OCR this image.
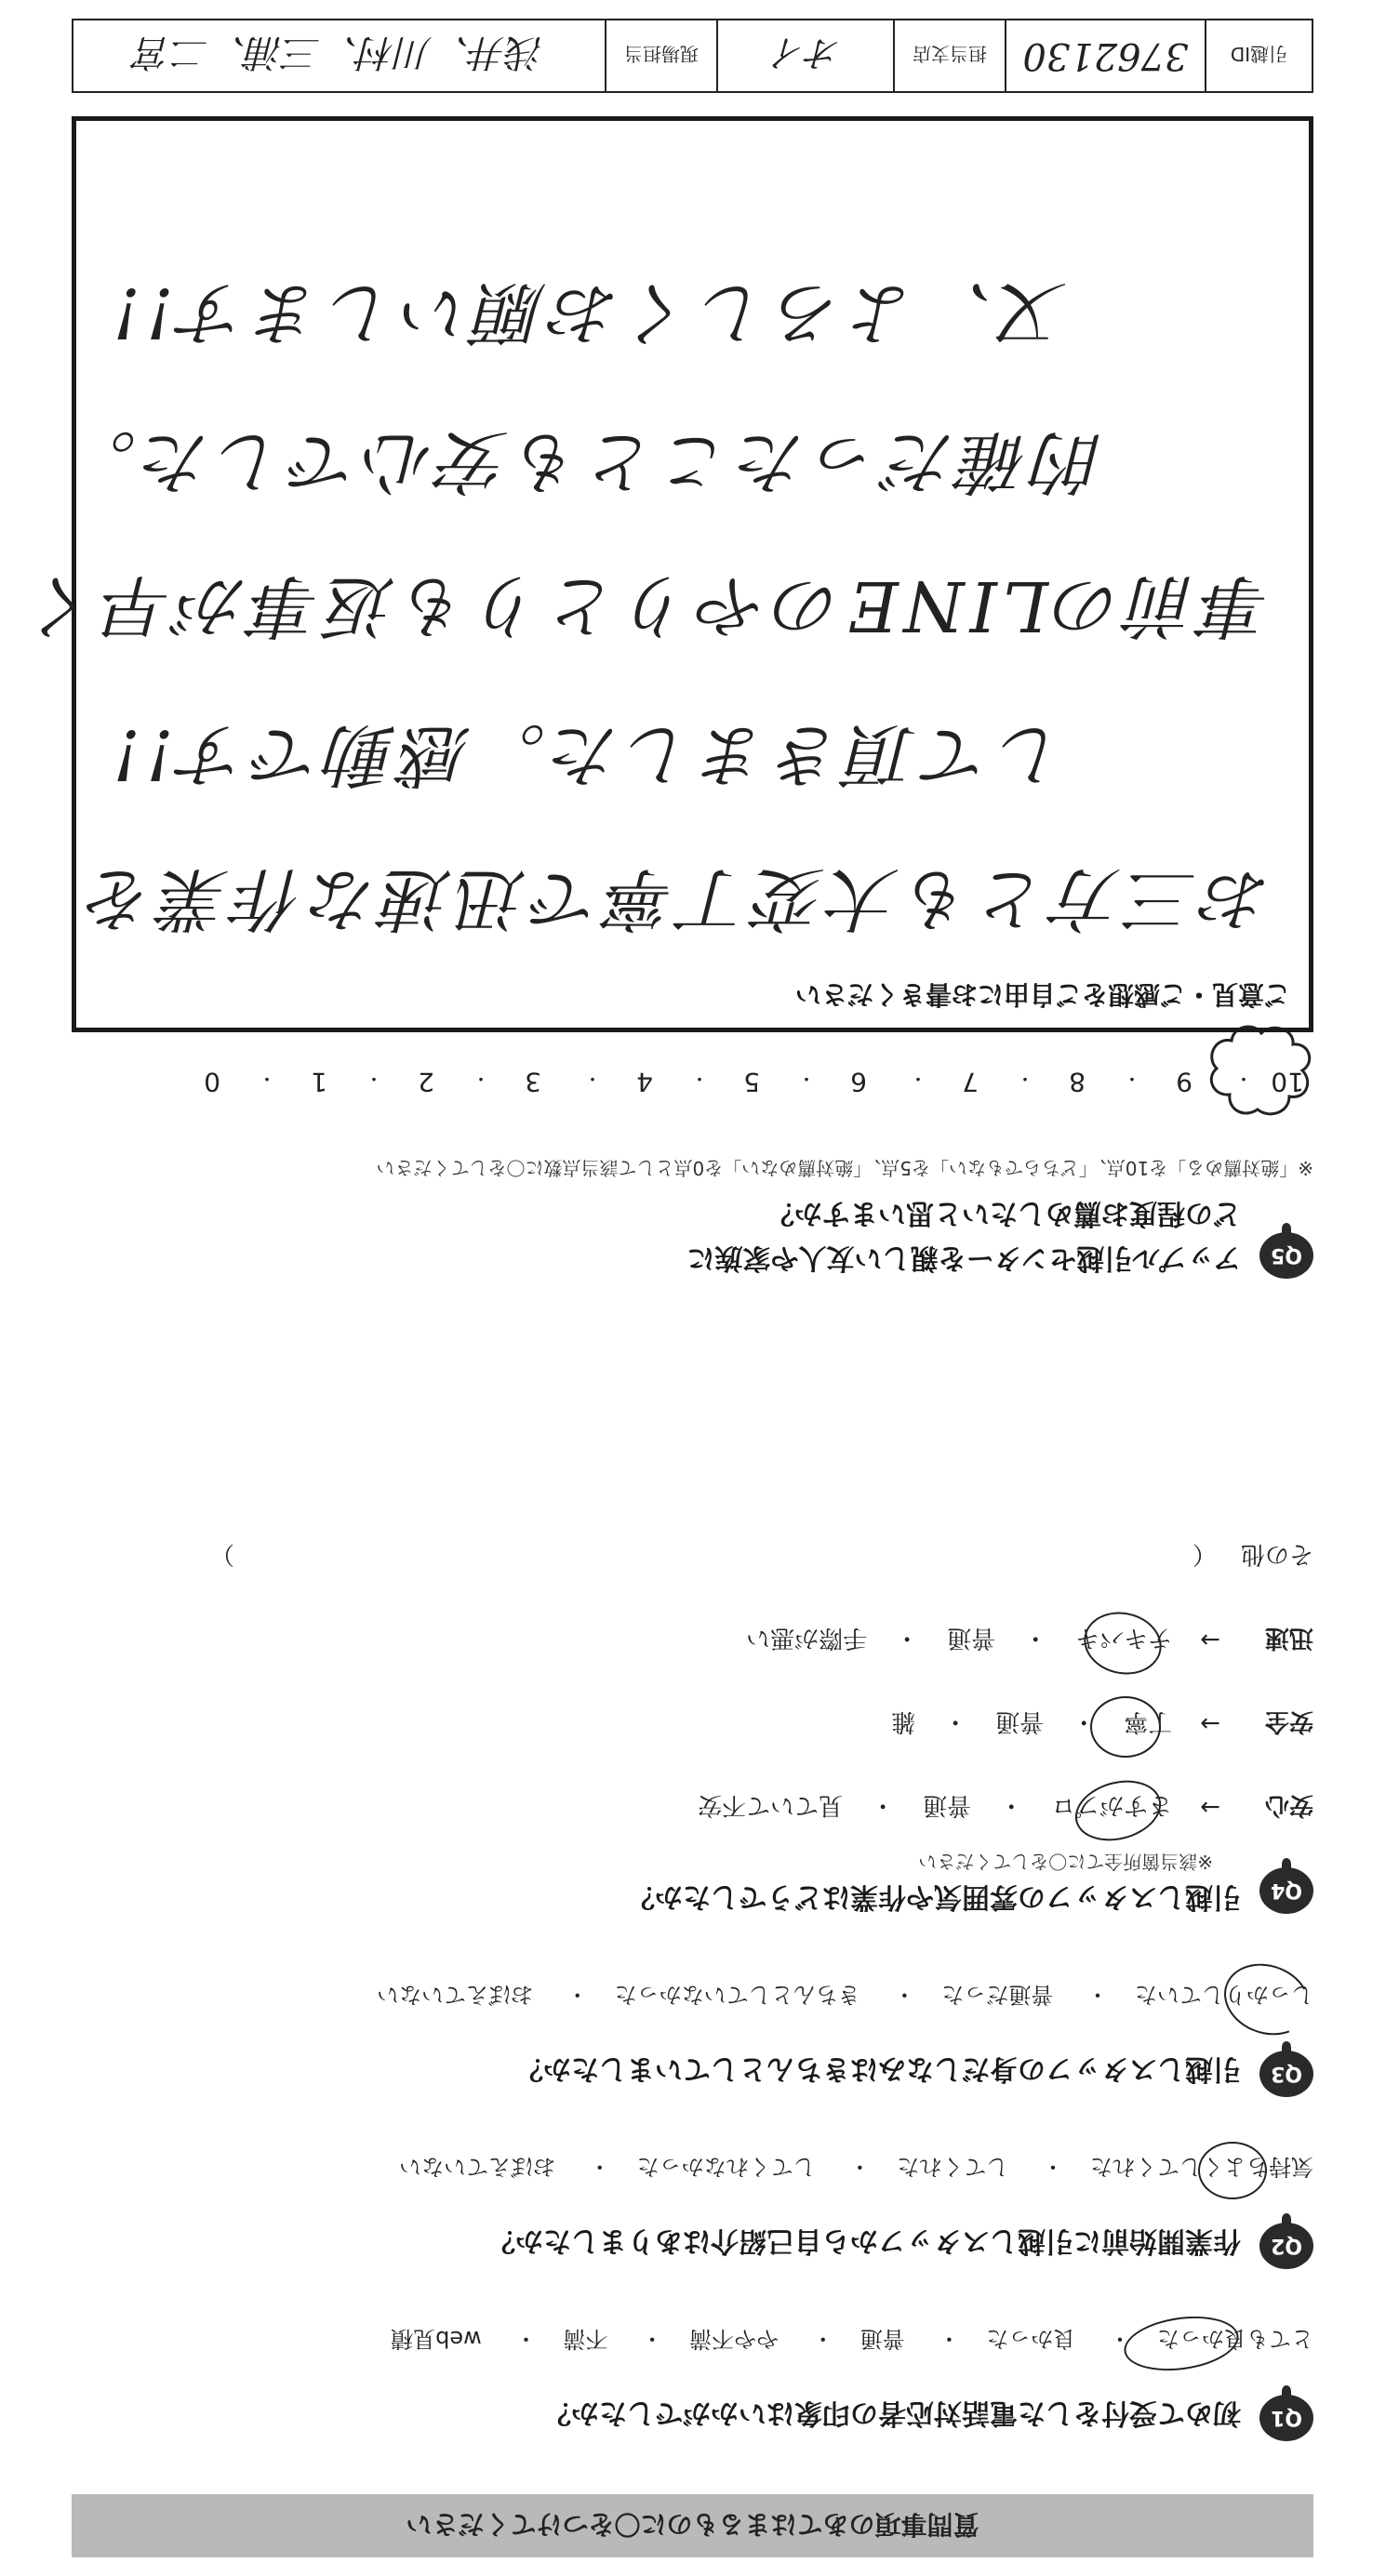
引越ID
3762130
担当支店
オイ
現場担当
浅井、川村、三浦、二宮
質問事項のあてはまるものに〇をつけてください
Q1
初めて受付をした電話対応者の印象はいかがでしたか？
とても良かった・ 良かった・ 普通・ やや不満・ 不満・ web見積
Q2
作業開始前に引越しスタッフから自己紹介はありましたか？
気持ちよくしてくれた・ してくれた・ してくれなかった・ おぼえていない
Q3
引越しスタッフの身だしなみはきちんとしていましたか？
しっかりしていた・ 普通だった・ きちんとしていなかった・ おぼえていない
Q4
引越しスタッフの雰囲気や作業はどうでしたか？
※該当箇所全てに〇をしてください
安心
→
さすがプロ
・
普通
・
見ていて不安
安全
→
丁寧
・
普通
・
雑
迅速
→
テキパキ
・
普通
・
手際が悪い
その他
（
）
Q5
アップル引越センターを親しい友人や家族に
どの程度お薦めしたいと思いますか？
※「絶対薦める」を10点、「どちらでもない」を5点、「絶対薦めない」を0点として該当点数に〇をしてください
10
・
9
・
8
・
7
・
6
・
5
・
4
・
3
・
2
・
1
・
0
ご意見・ご感想をご自由にお書きください
お三方とも大変丁寧で迅速な作業を
して頂きました。感動です!!
事前のLINEのやりとりも返事が早く
的確だったことも安心でした。
又、よろしくお願いします!!
